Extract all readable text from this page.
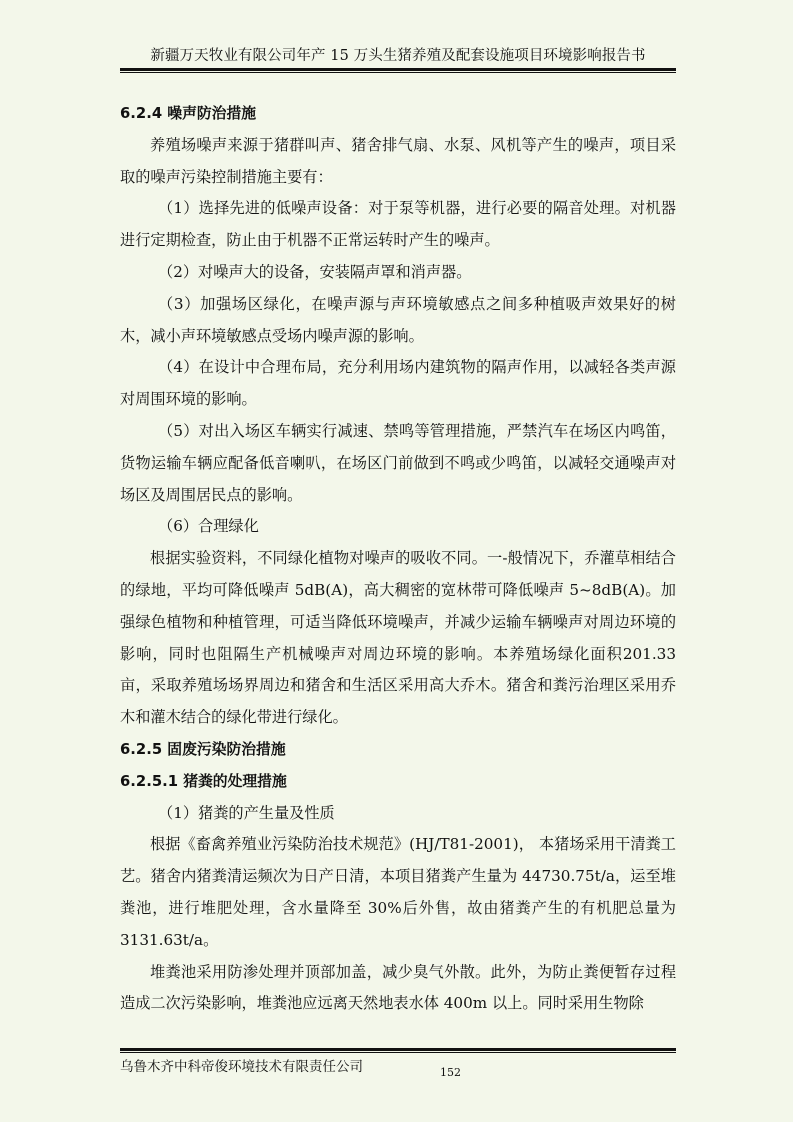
新疆万天牧业有限公司年产 15 万头生猪养殖及配套设施项目环境影响报告书

6.2.4 噪声防治措施

养殖场噪声来源于猪群叫声、猪舍排气扇、水泵、风机等产生的噪声，项目采取的噪声污染控制措施主要有：

（1）选择先进的低噪声设备：对于泵等机器，进行必要的隔音处理。对机器进行定期检查，防止由于机器不正常运转时产生的噪声。

（2）对噪声大的设备，安装隔声罩和消声器。

（3）加强场区绿化，在噪声源与声环境敏感点之间多种植吸声效果好的树木，减小声环境敏感点受场内噪声源的影响。

（4）在设计中合理布局，充分利用场内建筑物的隔声作用，以减轻各类声源对周围环境的影响。

（5）对出入场区车辆实行减速、禁鸣等管理措施，严禁汽车在场区内鸣笛，货物运输车辆应配备低音喇叭，在场区门前做到不鸣或少鸣笛，以减轻交通噪声对场区及周围居民点的影响。

（6）合理绿化

根据实验资料，不同绿化植物对噪声的吸收不同。一-般情况下，乔灌草相结合的绿地，平均可降低噪声 5dB(A)，高大稠密的宽林带可降低噪声 5~8dB(A)。加强绿色植物和种植管理，可适当降低环境噪声，并减少运输车辆噪声对周边环境的影响，同时也阻隔生产机械噪声对周边环境的影响。本养殖场绿化面积201.33 亩，采取养殖场场界周边和猪舍和生活区采用高大乔木。猪舍和粪污治理区采用乔木和灌木结合的绿化带进行绿化。

6.2.5 固废污染防治措施

6.2.5.1 猪粪的处理措施

（1）猪粪的产生量及性质

根据《畜禽养殖业污染防治技术规范》(HJ/T81-2001)， 本猪场采用干清粪工艺。猪舍内猪粪清运频次为日产日清，本项目猪粪产生量为 44730.75t/a，运至堆粪池，进行堆肥处理，含水量降至 30%后外售，故由猪粪产生的有机肥总量为 3131.63t/a。

堆粪池采用防渗处理并顶部加盖，减少臭气外散。此外，为防止粪便暂存过程造成二次污染影响，堆粪池应远离天然地表水体 400m 以上。同时采用生物除

乌鲁木齐中科帝俊环境技术有限责任公司	152
